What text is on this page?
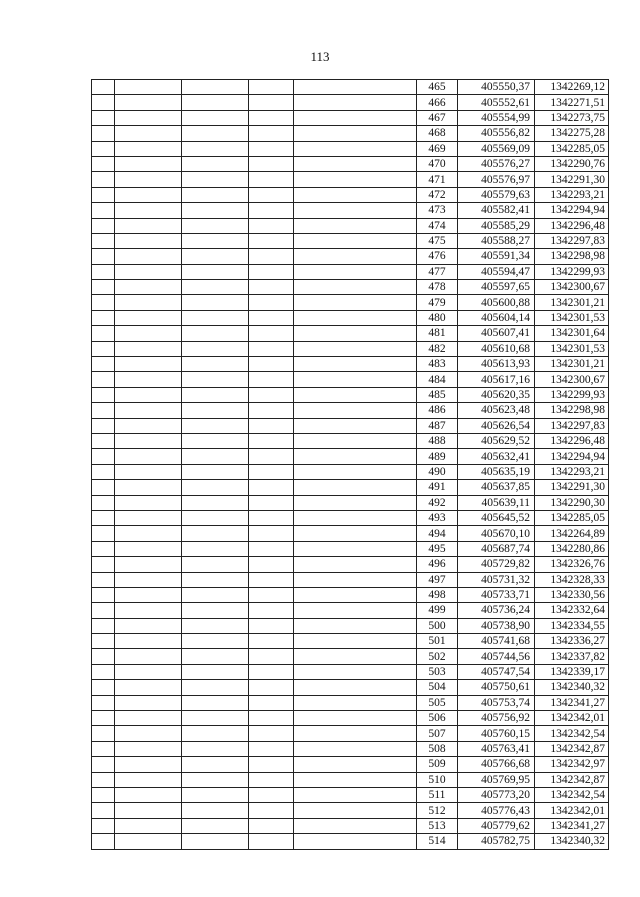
113
					465	405550,37	1342269,12
					466	405552,61	1342271,51
					467	405554,99	1342273,75
					468	405556,82	1342275,28
					469	405569,09	1342285,05
					470	405576,27	1342290,76
					471	405576,97	1342291,30
					472	405579,63	1342293,21
					473	405582,41	1342294,94
					474	405585,29	1342296,48
					475	405588,27	1342297,83
					476	405591,34	1342298,98
					477	405594,47	1342299,93
					478	405597,65	1342300,67
					479	405600,88	1342301,21
					480	405604,14	1342301,53
					481	405607,41	1342301,64
					482	405610,68	1342301,53
					483	405613,93	1342301,21
					484	405617,16	1342300,67
					485	405620,35	1342299,93
					486	405623,48	1342298,98
					487	405626,54	1342297,83
					488	405629,52	1342296,48
					489	405632,41	1342294,94
					490	405635,19	1342293,21
					491	405637,85	1342291,30
					492	405639,11	1342290,30
					493	405645,52	1342285,05
					494	405670,10	1342264,89
					495	405687,74	1342280,86
					496	405729,82	1342326,76
					497	405731,32	1342328,33
					498	405733,71	1342330,56
					499	405736,24	1342332,64
					500	405738,90	1342334,55
					501	405741,68	1342336,27
					502	405744,56	1342337,82
					503	405747,54	1342339,17
					504	405750,61	1342340,32
					505	405753,74	1342341,27
					506	405756,92	1342342,01
					507	405760,15	1342342,54
					508	405763,41	1342342,87
					509	405766,68	1342342,97
					510	405769,95	1342342,87
					511	405773,20	1342342,54
					512	405776,43	1342342,01
					513	405779,62	1342341,27
					514	405782,75	1342340,32
